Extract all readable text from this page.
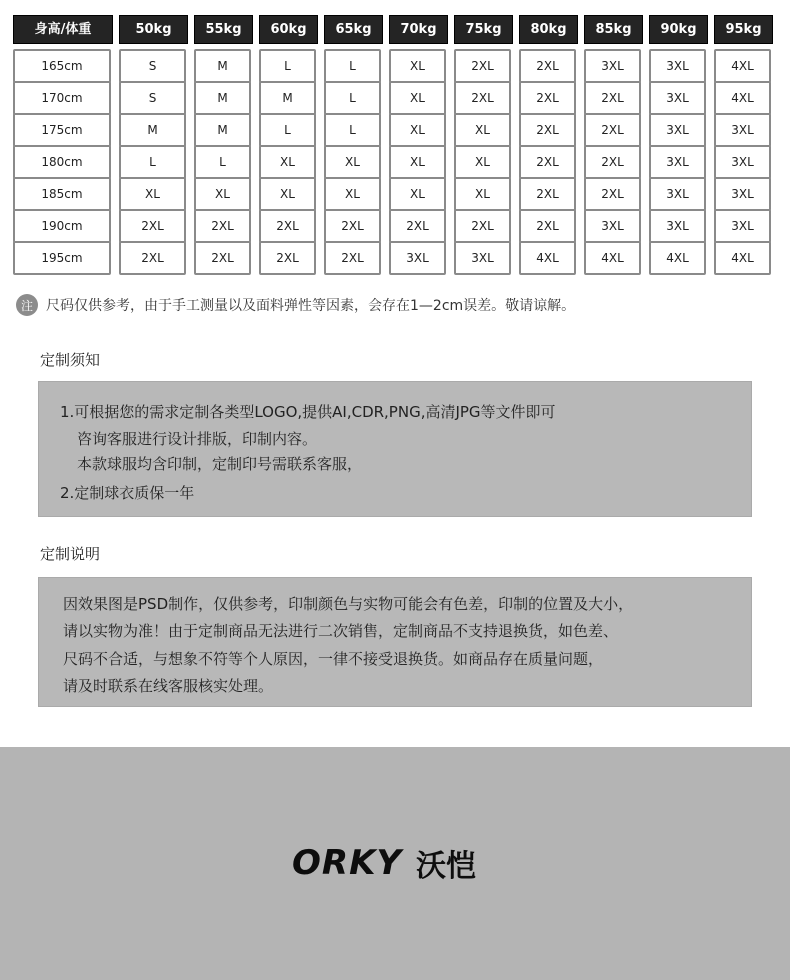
身高/体重	50kg	55kg	60kg	65kg	70kg	75kg	80kg	85kg	90kg	95kg
165cm	S	M	L	L	XL	2XL	2XL	3XL	3XL	4XL
170cm	S	M	M	L	XL	2XL	2XL	2XL	3XL	4XL
175cm	M	M	L	L	XL	XL	2XL	2XL	3XL	3XL
180cm	L	L	XL	XL	XL	XL	2XL	2XL	3XL	3XL
185cm	XL	XL	XL	XL	XL	XL	2XL	2XL	3XL	3XL
190cm	2XL	2XL	2XL	2XL	2XL	2XL	2XL	3XL	3XL	3XL
195cm	2XL	2XL	2XL	2XL	3XL	3XL	4XL	4XL	4XL	4XL
注 尺码仅供参考，由于手工测量以及面料弹性等因素，会存在1—2cm误差。敬请谅解。
定制须知
1.可根据您的需求定制各类型LOGO,提供AI,CDR,PNG,高清JPG等文件即可
咨询客服进行设计排版，印制内容。
本款球服均含印制，定制印号需联系客服，
2.定制球衣质保一年
定制说明
因效果图是PSD制作，仅供参考，印制颜色与实物可能会有色差，印制的位置及大小，
请以实物为准！由于定制商品无法进行二次销售，定制商品不支持退换货，如色差、
尺码不合适，与想象不符等个人原因，一律不接受退换货。如商品存在质量问题，
请及时联系在线客服核实处理。
ORKY 沃恺
